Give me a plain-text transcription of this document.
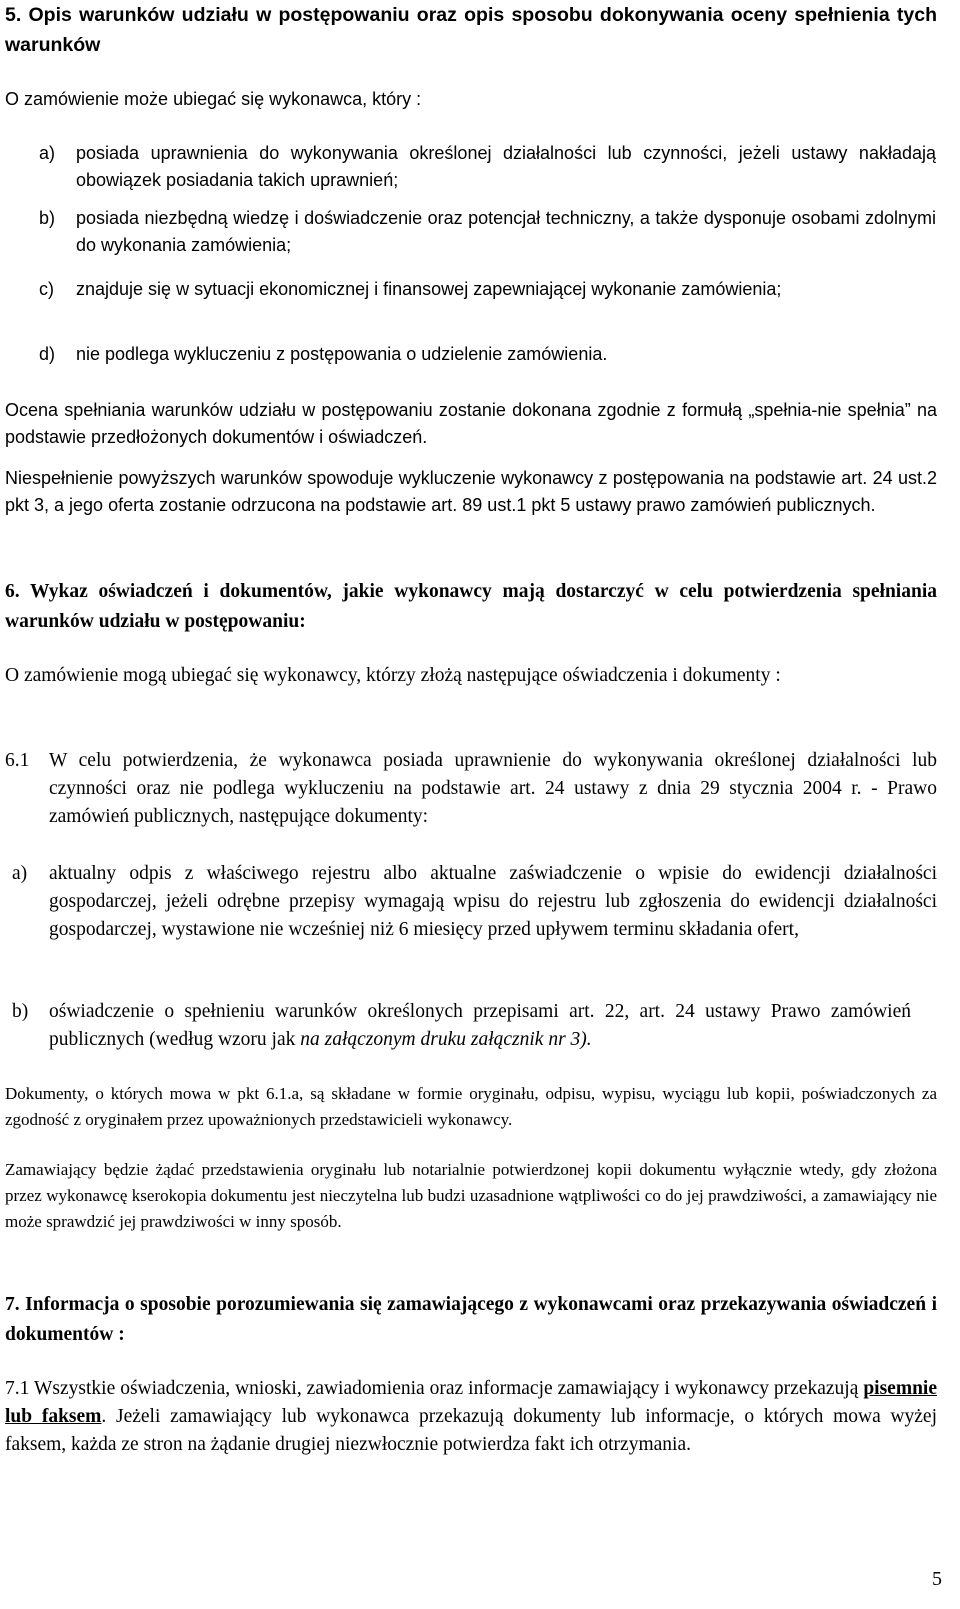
5. Opis warunków udziału w postępowaniu oraz opis sposobu dokonywania oceny spełnienia tych warunków
O zamówienie może ubiegać się wykonawca, który :
a) posiada uprawnienia do wykonywania określonej działalności lub czynności, jeżeli ustawy nakładają obowiązek posiadania takich uprawnień;
b) posiada niezbędną wiedzę i doświadczenie oraz potencjał techniczny, a także dysponuje osobami zdolnymi do wykonania zamówienia;
c) znajduje się w sytuacji ekonomicznej i finansowej zapewniającej wykonanie zamówienia;
d) nie podlega wykluczeniu z postępowania o udzielenie zamówienia.
Ocena spełniania warunków udziału w postępowaniu zostanie dokonana zgodnie z formułą „spełnia-nie spełnia” na podstawie przedłożonych dokumentów i oświadczeń.
Niespełnienie powyższych warunków spowoduje wykluczenie wykonawcy z postępowania na podstawie art. 24 ust.2 pkt 3, a jego oferta zostanie odrzucona na podstawie art. 89 ust.1 pkt 5 ustawy prawo zamówień publicznych.
6. Wykaz oświadczeń i dokumentów, jakie wykonawcy mają dostarczyć w celu potwierdzenia spełniania warunków udziału w postępowaniu:
O zamówienie mogą ubiegać się wykonawcy, którzy złożą następujące oświadczenia i dokumenty :
6.1 W celu potwierdzenia, że wykonawca posiada uprawnienie do wykonywania określonej działalności lub czynności oraz nie podlega wykluczeniu na podstawie art. 24 ustawy z dnia 29 stycznia 2004 r. - Prawo zamówień publicznych, następujące dokumenty:
a) aktualny odpis z właściwego rejestru albo aktualne zaświadczenie o wpisie do ewidencji działalności gospodarczej, jeżeli odrębne przepisy wymagają wpisu do rejestru lub zgłoszenia do ewidencji działalności gospodarczej, wystawione nie wcześniej niż 6 miesięcy przed upływem terminu składania ofert,
b) oświadczenie o spełnieniu warunków określonych przepisami art. 22, art. 24 ustawy Prawo zamówień publicznych (według wzoru jak na załączonym druku załącznik nr 3).
Dokumenty, o których mowa w pkt 6.1.a, są składane w formie oryginału, odpisu, wypisu, wyciągu lub kopii, poświadczonych za zgodność z oryginałem przez upoważnionych przedstawicieli wykonawcy.
Zamawiający będzie żądać przedstawienia oryginału lub notarialnie potwierdzonej kopii dokumentu wyłącznie wtedy, gdy złożona przez wykonawcę kserokopia dokumentu jest nieczytelna lub budzi uzasadnione wątpliwości co do jej prawdziwości, a zamawiający nie może sprawdzić jej prawdziwości w inny sposób.
7. Informacja o sposobie porozumiewania się zamawiającego z wykonawcami oraz przekazywania oświadczeń i dokumentów :
7.1 Wszystkie oświadczenia, wnioski, zawiadomienia oraz informacje zamawiający i wykonawcy przekazują pisemnie lub faksem. Jeżeli zamawiający lub wykonawca przekazują dokumenty lub informacje, o których mowa wyżej faksem, każda ze stron na żądanie drugiej niezwłocznie potwierdza fakt ich otrzymania.
5
